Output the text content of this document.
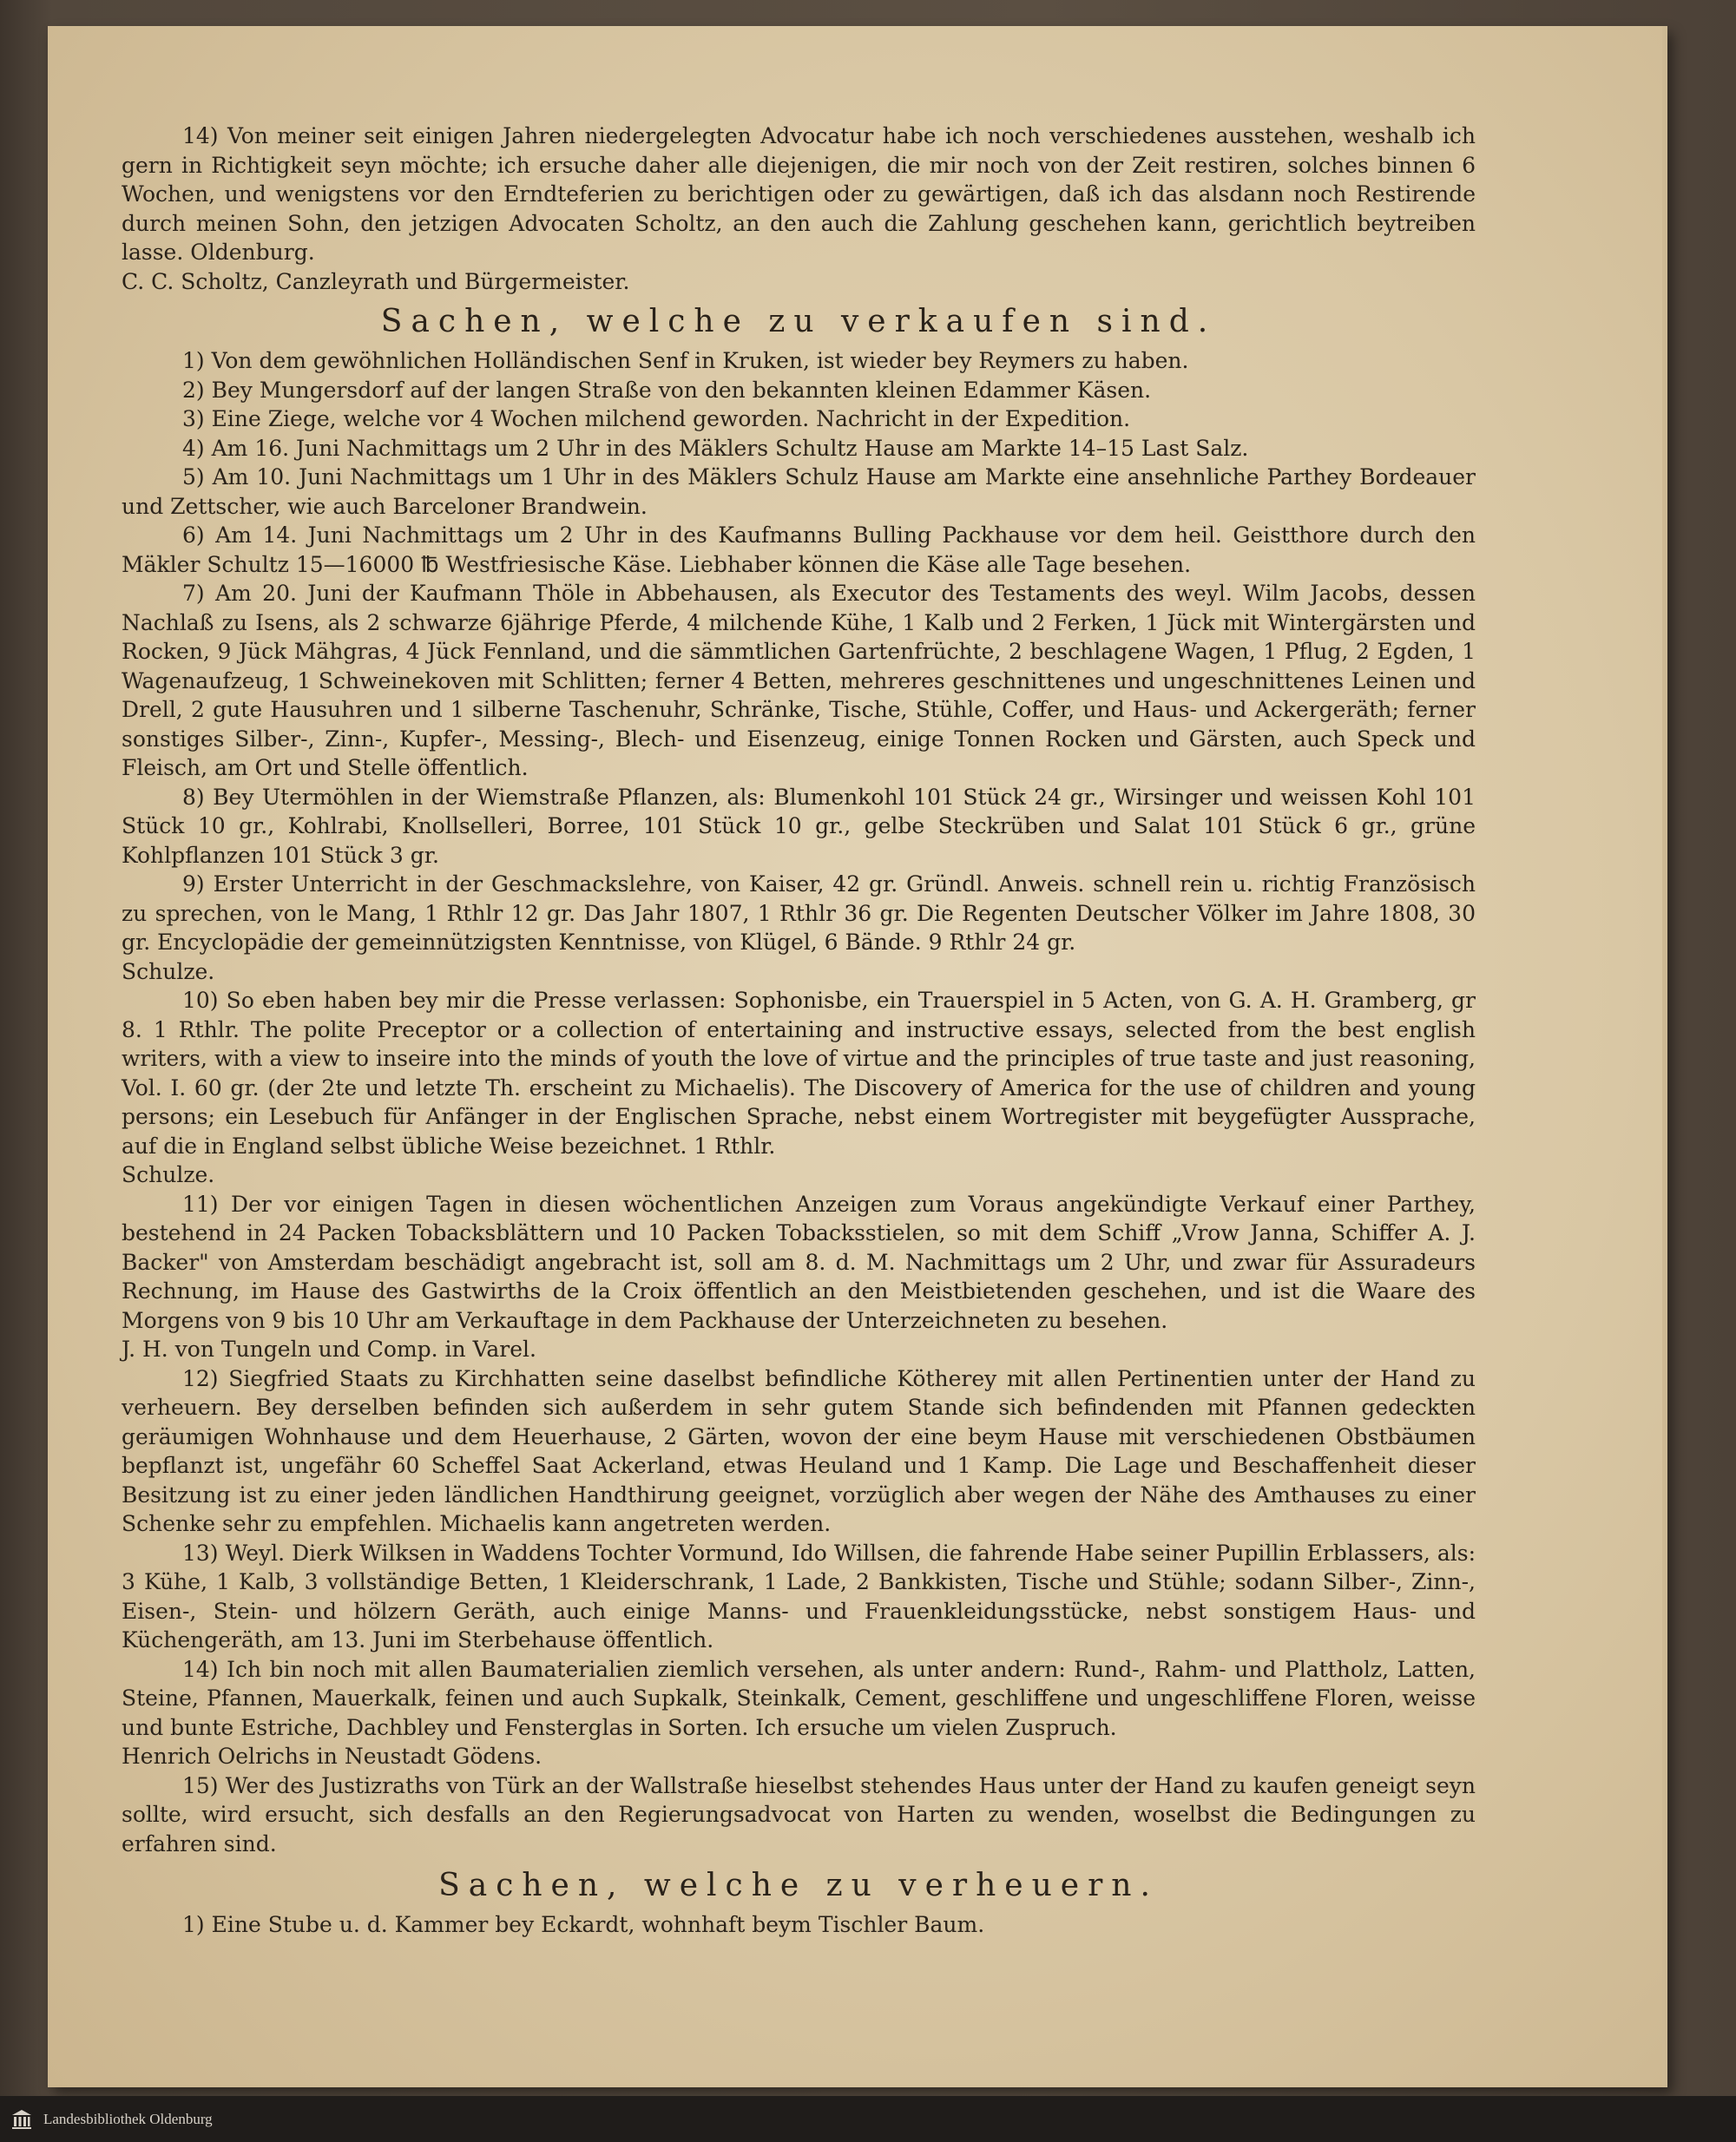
14) Von meiner seit einigen Jahren niedergelegten Advocatur habe ich noch verschiedenes ausstehen, weshalb ich gern in Richtigkeit seyn möchte; ich ersuche daher alle diejenigen, die mir noch von der Zeit restiren, solches binnen 6 Wochen, und wenigstens vor den Erndteferien zu berichtigen oder zu gewärtigen, daß ich das alsdann noch Restirende durch meinen Sohn, den jetzigen Advocaten Scholtz, an den auch die Zahlung geschehen kann, gerichtlich beytreiben lasse. Oldenburg.

C. C. Scholtz, Canzleyrath und Bürgermeister.

Sachen, welche zu verkaufen sind.

1) Von dem gewöhnlichen Holländischen Senf in Kruken, ist wieder bey Reymers zu haben.

2) Bey Mungersdorf auf der langen Straße von den bekannten kleinen Edammer Käsen.

3) Eine Ziege, welche vor 4 Wochen milchend geworden. Nachricht in der Expedition.

4) Am 16. Juni Nachmittags um 2 Uhr in des Mäklers Schultz Hause am Markte 14–15 Last Salz.

5) Am 10. Juni Nachmittags um 1 Uhr in des Mäklers Schulz Hause am Markte eine ansehnliche Parthey Bordeauer und Zettscher, wie auch Barceloner Brandwein.

6) Am 14. Juni Nachmittags um 2 Uhr in des Kaufmanns Bulling Packhause vor dem heil. Geistthore durch den Mäkler Schultz 15—16000 ℔ Westfriesische Käse. Liebhaber können die Käse alle Tage besehen.

7) Am 20. Juni der Kaufmann Thöle in Abbehausen, als Executor des Testaments des weyl. Wilm Jacobs, dessen Nachlaß zu Isens, als 2 schwarze 6jährige Pferde, 4 milchende Kühe, 1 Kalb und 2 Ferken, 1 Jück mit Wintergärsten und Rocken, 9 Jück Mähgras, 4 Jück Fennland, und die sämmtlichen Gartenfrüchte, 2 beschlagene Wagen, 1 Pflug, 2 Egden, 1 Wagenaufzeug, 1 Schweinekoven mit Schlitten; ferner 4 Betten, mehreres geschnittenes und ungeschnittenes Leinen und Drell, 2 gute Hausuhren und 1 silberne Taschenuhr, Schränke, Tische, Stühle, Coffer, und Haus- und Ackergeräth; ferner sonstiges Silber-, Zinn-, Kupfer-, Messing-, Blech- und Eisenzeug, einige Tonnen Rocken und Gärsten, auch Speck und Fleisch, am Ort und Stelle öffentlich.

8) Bey Utermöhlen in der Wiemstraße Pflanzen, als: Blumenkohl 101 Stück 24 gr., Wirsinger und weissen Kohl 101 Stück 10 gr., Kohlrabi, Knollselleri, Borree, 101 Stück 10 gr., gelbe Steckrüben und Salat 101 Stück 6 gr., grüne Kohlpflanzen 101 Stück 3 gr.

9) Erster Unterricht in der Geschmackslehre, von Kaiser, 42 gr. Gründl. Anweis. schnell rein u. richtig Französisch zu sprechen, von le Mang, 1 Rthlr 12 gr. Das Jahr 1807, 1 Rthlr 36 gr. Die Regenten Deutscher Völker im Jahre 1808, 30 gr. Encyclopädie der gemeinnützigsten Kenntnisse, von Klügel, 6 Bände. 9 Rthlr 24 gr.

Schulze.

10) So eben haben bey mir die Presse verlassen: Sophonisbe, ein Trauerspiel in 5 Acten, von G. A. H. Gramberg, gr 8. 1 Rthlr. The polite Preceptor or a collection of entertaining and instructive essays, selected from the best english writers, with a view to inseire into the minds of youth the love of virtue and the principles of true taste and just reasoning, Vol. I. 60 gr. (der 2te und letzte Th. erscheint zu Michaelis). The Discovery of America for the use of children and young persons; ein Lesebuch für Anfänger in der Englischen Sprache, nebst einem Wortregister mit beygefügter Aussprache, auf die in England selbst übliche Weise bezeichnet. 1 Rthlr.

Schulze.

11) Der vor einigen Tagen in diesen wöchentlichen Anzeigen zum Voraus angekündigte Verkauf einer Parthey, bestehend in 24 Packen Tobacksblättern und 10 Packen Tobacksstielen, so mit dem Schiff „Vrow Janna, Schiffer A. J. Backer" von Amsterdam beschädigt angebracht ist, soll am 8. d. M. Nachmittags um 2 Uhr, und zwar für Assuradeurs Rechnung, im Hause des Gastwirths de la Croix öffentlich an den Meistbietenden geschehen, und ist die Waare des Morgens von 9 bis 10 Uhr am Verkauftage in dem Packhause der Unterzeichneten zu besehen.

J. H. von Tungeln und Comp. in Varel.

12) Siegfried Staats zu Kirchhatten seine daselbst befindliche Kötherey mit allen Pertinentien unter der Hand zu verheuern. Bey derselben befinden sich außerdem in sehr gutem Stande sich befindenden mit Pfannen gedeckten geräumigen Wohnhause und dem Heuerhause, 2 Gärten, wovon der eine beym Hause mit verschiedenen Obstbäumen bepflanzt ist, ungefähr 60 Scheffel Saat Ackerland, etwas Heuland und 1 Kamp. Die Lage und Beschaffenheit dieser Besitzung ist zu einer jeden ländlichen Handthirung geeignet, vorzüglich aber wegen der Nähe des Amthauses zu einer Schenke sehr zu empfehlen. Michaelis kann angetreten werden.

13) Weyl. Dierk Wilksen in Waddens Tochter Vormund, Ido Willsen, die fahrende Habe seiner Pupillin Erblassers, als: 3 Kühe, 1 Kalb, 3 vollständige Betten, 1 Kleiderschrank, 1 Lade, 2 Bankkisten, Tische und Stühle; sodann Silber-, Zinn-, Eisen-, Stein- und hölzern Geräth, auch einige Manns- und Frauenkleidungsstücke, nebst sonstigem Haus- und Küchengeräth, am 13. Juni im Sterbehause öffentlich.

14) Ich bin noch mit allen Baumaterialien ziemlich versehen, als unter andern: Rund-, Rahm- und Plattholz, Latten, Steine, Pfannen, Mauerkalk, feinen und auch Supkalk, Steinkalk, Cement, geschliffene und ungeschliffene Floren, weisse und bunte Estriche, Dachbley und Fensterglas in Sorten. Ich ersuche um vielen Zuspruch.

Henrich Oelrichs in Neustadt Gödens.

15) Wer des Justizraths von Türk an der Wallstraße hieselbst stehendes Haus unter der Hand zu kaufen geneigt seyn sollte, wird ersucht, sich desfalls an den Regierungsadvocat von Harten zu wenden, woselbst die Bedingungen zu erfahren sind.

Sachen, welche zu verheuern.

1) Eine Stube u. d. Kammer bey Eckardt, wohnhaft beym Tischler Baum.

Landesbibliothek Oldenburg
